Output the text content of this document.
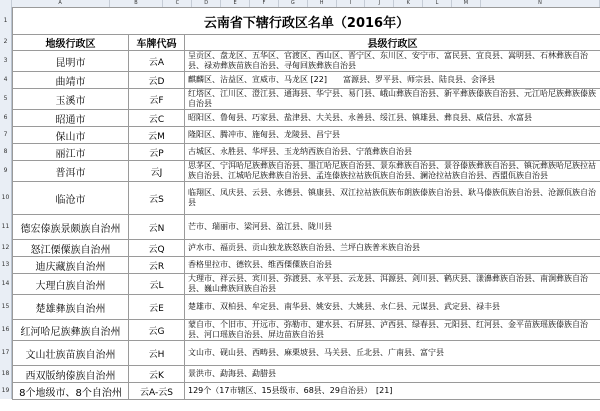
A	B	C	D	E	F	G	H	I	J	K	L	M	N
1
2
3
4
5
6
7
8
9
10
11
12
13
14
15
16
17
18
19
云南省下辖行政区名单（2016年）		
地级行政区	车牌代码	县级行政区
昆明市	云A	呈贡区、盘龙区、五华区、官渡区、西山区、晋宁区、东川区、安宁市、富民县、宜良县、嵩明县、石林彝族自治县、禄劝彝族苗族自治县、寻甸回族彝族自治县
曲靖市	云D	麒麟区、沾益区、宣威市、马龙区 [22]　　富源县、罗平县、师宗县、陆良县、会泽县
玉溪市	云F	红塔区、江川区、澄江县、通海县、华宁县、易门县、峨山彝族自治县、新平彝族傣族自治县、元江哈尼族彝族傣族自治县
昭通市	云C	昭阳区、鲁甸县、巧家县、盐津县、大关县、永善县、绥江县、镇雄县、彝良县、威信县、水富县
保山市	云M	隆阳区、腾冲市、施甸县、龙陵县、昌宁县
丽江市	云P	古城区、永胜县、华坪县、玉龙纳西族自治县、宁蒗彝族自治县
普洱市	云J	思茅区、宁洱哈尼族彝族自治县、墨江哈尼族自治县、景东彝族自治县、景谷傣族彝族自治县、镇沅彝族哈尼族拉祜族自治县、江城哈尼族彝族自治县、孟连傣族拉祜族佤族自治县、澜沧拉祜族自治县、西盟佤族自治县
临沧市	云S	临翔区、凤庆县、云县、永德县、镇康县、双江拉祜族佤族布朗族傣族自治县、耿马傣族佤族自治县、沧源佤族自治县
德宏傣族景颇族自治州	云N	芒市、瑞丽市、梁河县、盈江县、陇川县
怒江傈僳族自治州	云Q	泸水市、福贡县、贡山独龙族怒族自治县、兰坪白族普米族自治县
迪庆藏族自治州	云R	香格里拉市、德钦县、维西傈僳族自治县
大理白族自治州	云L	大理市、祥云县、宾川县、弥渡县、永平县、云龙县、洱源县、剑川县、鹤庆县、漾濞彝族自治县、南涧彝族自治县、巍山彝族回族自治县
楚雄彝族自治州	云E	楚雄市、双柏县、牟定县、南华县、姚安县、大姚县、永仁县、元谋县、武定县、禄丰县
红河哈尼族彝族自治州	云G	蒙自市、个旧市、开远市、弥勒市、建水县、石屏县、泸西县、绿春县、元阳县、红河县、金平苗族瑶族傣族自治县、河口瑶族自治县、屏边苗族自治县
文山壮族苗族自治州	云H	文山市、砚山县、西畴县、麻栗坡县、马关县、丘北县、广南县、富宁县
西双版纳傣族自治州	云K	景洪市、勐海县、勐腊县
8个地级市、8个自治州	云A-云S	129个（17市辖区、15县级市、68县、29自治县）　[21]
